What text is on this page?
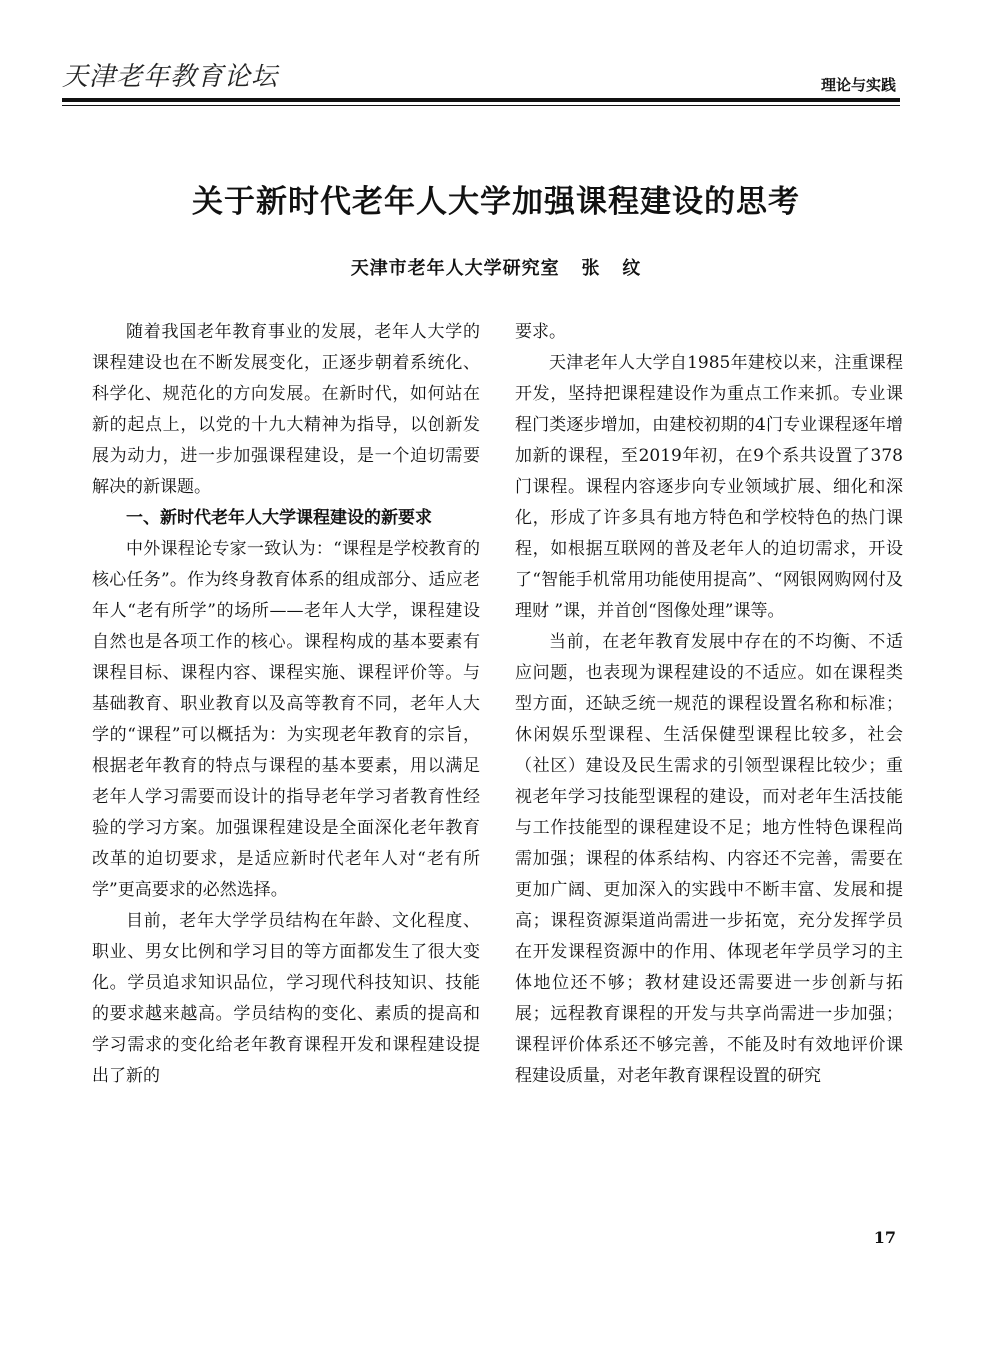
天津老年教育论坛	理论与实践
关于新时代老年人大学加强课程建设的思考
天津市老年人大学研究室   张   纹

随着我国老年教育事业的发展，老年人大学的课程建设也在不断发展变化，正逐步朝着系统化、科学化、规范化的方向发展。在新时代，如何站在新的起点上，以党的十九大精神为指导，以创新发展为动力，进一步加强课程建设，是一个迫切需要解决的新课题。

一、新时代老年人大学课程建设的新要求

中外课程论专家一致认为：“课程是学校教育的核心任务”。作为终身教育体系的组成部分、适应老年人“老有所学”的场所——老年人大学，课程建设自然也是各项工作的核心。课程构成的基本要素有课程目标、课程内容、课程实施、课程评价等。与基础教育、职业教育以及高等教育不同，老年人大学的“课程”可以概括为：为实现老年教育的宗旨，根据老年教育的特点与课程的基本要素，用以满足老年人学习需要而设计的指导老年学习者教育性经验的学习方案。加强课程建设是全面深化老年教育改革的迫切要求，是适应新时代老年人对“老有所学”更高要求的必然选择。

目前，老年大学学员结构在年龄、文化程度、职业、男女比例和学习目的等方面都发生了很大变化。学员追求知识品位，学习现代科技知识、技能的要求越来越高。学员结构的变化、素质的提高和学习需求的变化给老年教育课程开发和课程建设提出了新的

要求。

天津老年人大学自1985年建校以来，注重课程开发，坚持把课程建设作为重点工作来抓。专业课程门类逐步增加，由建校初期的4门专业课程逐年增加新的课程，至2019年初，在9个系共设置了378门课程。课程内容逐步向专业领域扩展、细化和深化，形成了许多具有地方特色和学校特色的热门课程，如根据互联网的普及老年人的迫切需求，开设了“智能手机常用功能使用提高”、“网银网购网付及理财 ”课，并首创“图像处理”课等。

当前，在老年教育发展中存在的不均衡、不适应问题，也表现为课程建设的不适应。如在课程类型方面，还缺乏统一规范的课程设置名称和标准；休闲娱乐型课程、生活保健型课程比较多，社会（社区）建设及民生需求的引领型课程比较少；重视老年学习技能型课程的建设，而对老年生活技能与工作技能型的课程建设不足；地方性特色课程尚需加强；课程的体系结构、内容还不完善，需要在更加广阔、更加深入的实践中不断丰富、发展和提高；课程资源渠道尚需进一步拓宽，充分发挥学员在开发课程资源中的作用、体现老年学员学习的主体地位还不够；教材建设还需要进一步创新与拓展；远程教育课程的开发与共享尚需进一步加强；课程评价体系还不够完善，不能及时有效地评价课程建设质量，对老年教育课程设置的研究

17
